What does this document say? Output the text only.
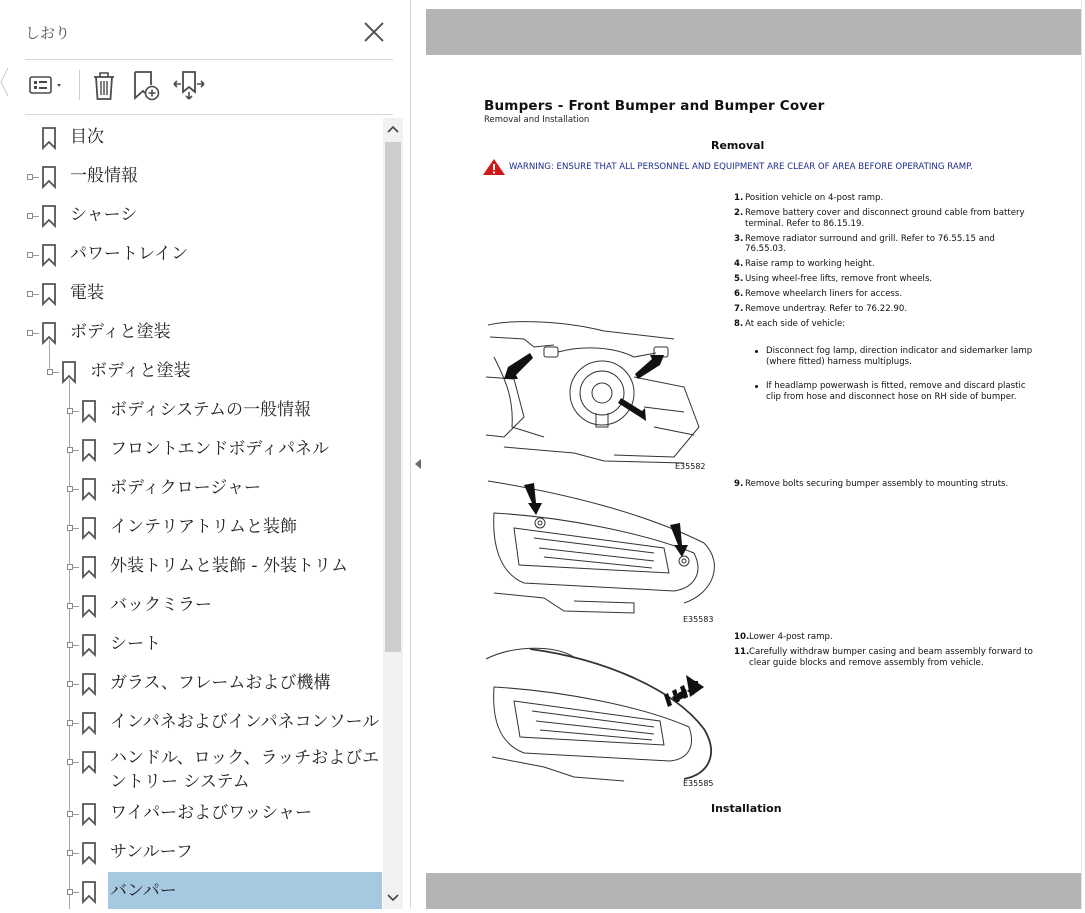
しおり
目次
一般情報
シャーシ
パワートレイン
電装
ボディと塗装
ボディと塗装
ボディシステムの一般情報
フロントエンドボディパネル
ボディクロージャー
インテリアトリムと装飾
外装トリムと装飾 - 外装トリム
バックミラー
シート
ガラス、フレームおよび機構
インパネおよびインパネコンソール
ハンドル、ロック、ラッチおよびエントリー システム
ワイパーおよびワッシャー
サンルーフ
バンパー
Bumpers - Front Bumper and Bumper Cover
Removal and Installation
Removal
WARNING: ENSURE THAT ALL PERSONNEL AND EQUIPMENT ARE CLEAR OF AREA BEFORE OPERATING RAMP.
1. Position vehicle on 4-post ramp.
2. Remove battery cover and disconnect ground cable from battery terminal. Refer to 86.15.19.
3. Remove radiator surround and grill. Refer to 76.55.15 and 76.55.03.
4. Raise ramp to working height.
5. Using wheel-free lifts, remove front wheels.
6. Remove wheelarch liners for access.
7. Remove undertray. Refer to 76.22.90.
8. At each side of vehicle:
Disconnect fog lamp, direction indicator and sidemarker lamp (where fitted) harness multiplugs.
If headlamp powerwash is fitted, remove and discard plastic clip from hose and disconnect hose on RH side of bumper.
9. Remove bolts securing bumper assembly to mounting struts.
10. Lower 4-post ramp.
11. Carefully withdraw bumper casing and beam assembly forward to clear guide blocks and remove assembly from vehicle.
E35582
E35583
E35585
Installation
